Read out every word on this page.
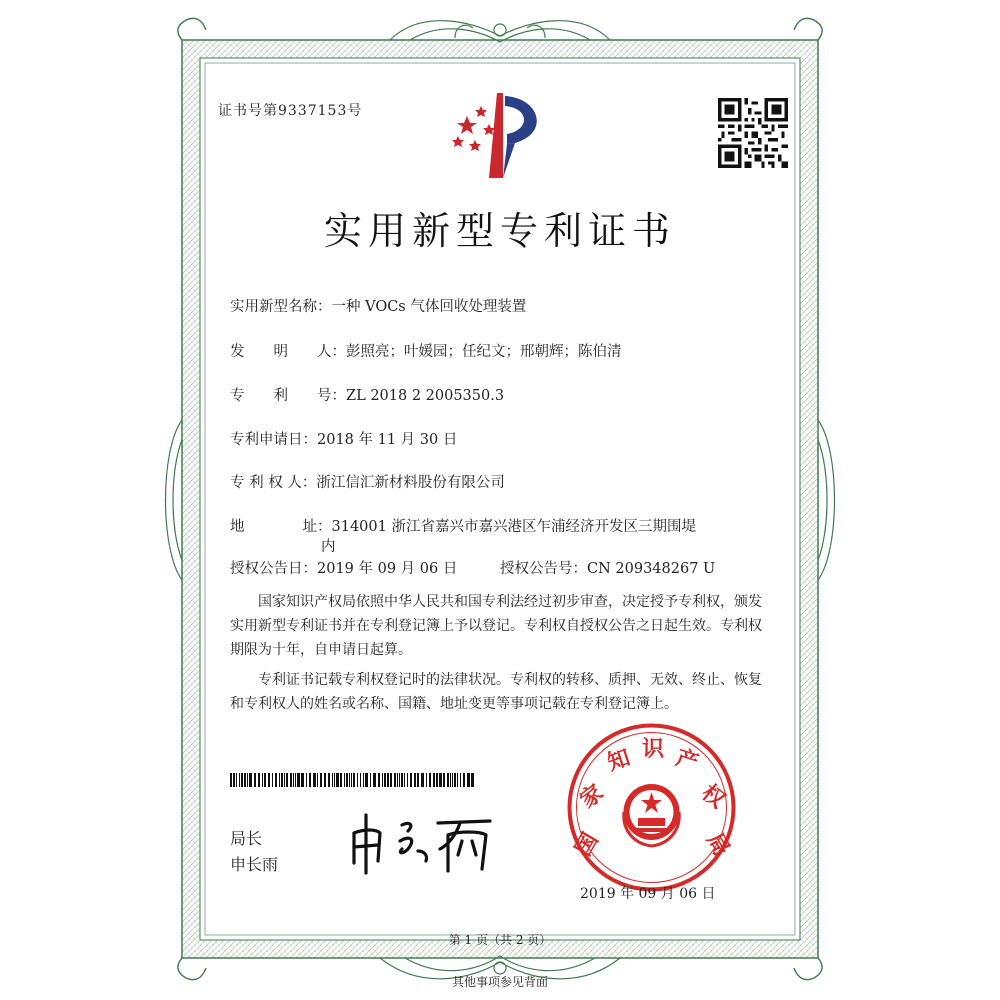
证书号第9337153号
实用新型专利证书
实用新型名称：一种 VOCs 气体回收处理装置
发　　明　　人：彭照亮；叶媛园；任纪文；邢朝辉；陈伯清
专　　利　　号：ZL 2018 2 2005350.3
专利申请日：2018 年 11 月 30 日
专 利 权 人：浙江信汇新材料股份有限公司
地　　　　址：314001 浙江省嘉兴市嘉兴港区乍浦经济开发区三期围堤
内
授权公告日：2019 年 09 月 06 日	授权公告号：CN 209348267 U

国家知识产权局依照中华人民共和国专利法经过初步审查，决定授予专利权，颁发实用新型专利证书并在专利登记簿上予以登记。专利权自授权公告之日起生效。专利权期限为十年，自申请日起算。

专利证书记载专利权登记时的法律状况。专利权的转移、质押、无效、终止、恢复和专利权人的姓名或名称、国籍、地址变更等事项记载在专利登记簿上。

局长
申长雨
国
家
知 识 产
权
局
2019 年 09 月 06 日
第 1 页（共 2 页）
其他事项参见背面
